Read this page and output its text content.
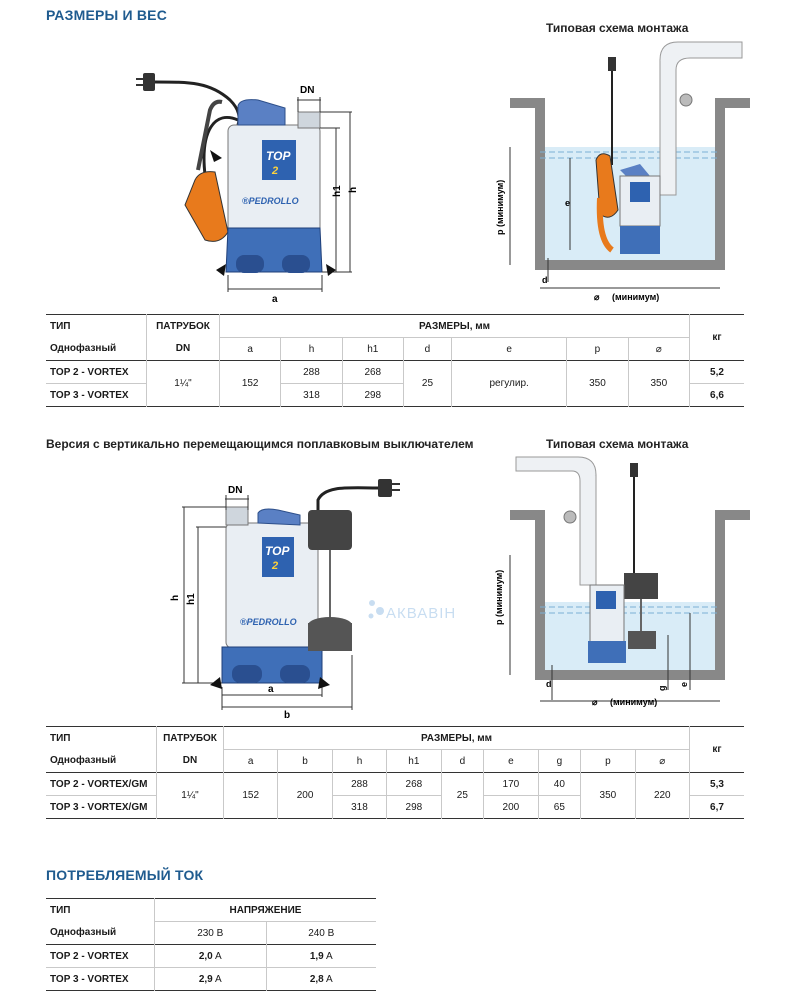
РАЗМЕРЫ И ВЕС
Типовая схема монтажа
TOP
2
®PEDROLLO
DN
a
h1 h	p (минимум)	e
d
⌀ (минимум)
ТИП	ПАТРУБОК	РАЗМЕРЫ, мм							кг
Однофазный	DN	a	h	h1	d	e	p	⌀	
TOP 2 - VORTEX	1¼"	152	288	268	25	регулир.	350	350	5,2
TOP 3 - VORTEX			318	298					6,6
Версия с вертикально перемещающимся поплавковым выключателем	Типовая схема монтажа
TOP
2
®PEDROLLO
DN
a
b
h h1
АКВАВІН	p (минимум)
d	g
e
⌀ (минимум)
ТИП	ПАТРУБОК	РАЗМЕРЫ, мм									кг
Однофазный	DN	a	b	h	h1	d	e	g	p	⌀	
TOP 2 - VORTEX/GM	1¼"	152	200	288	268	25	170	40	350	220	5,3
TOP 3 - VORTEX/GM				318	298		200	65			6,7
ПОТРЕБЛЯЕМЫЙ ТОК
ТИП	НАПРЯЖЕНИЕ	
Однофазный	230 В	240 В
TOP 2 - VORTEX	2,0 A	1,9 A
TOP 3 - VORTEX	2,9 A	2,8 A
